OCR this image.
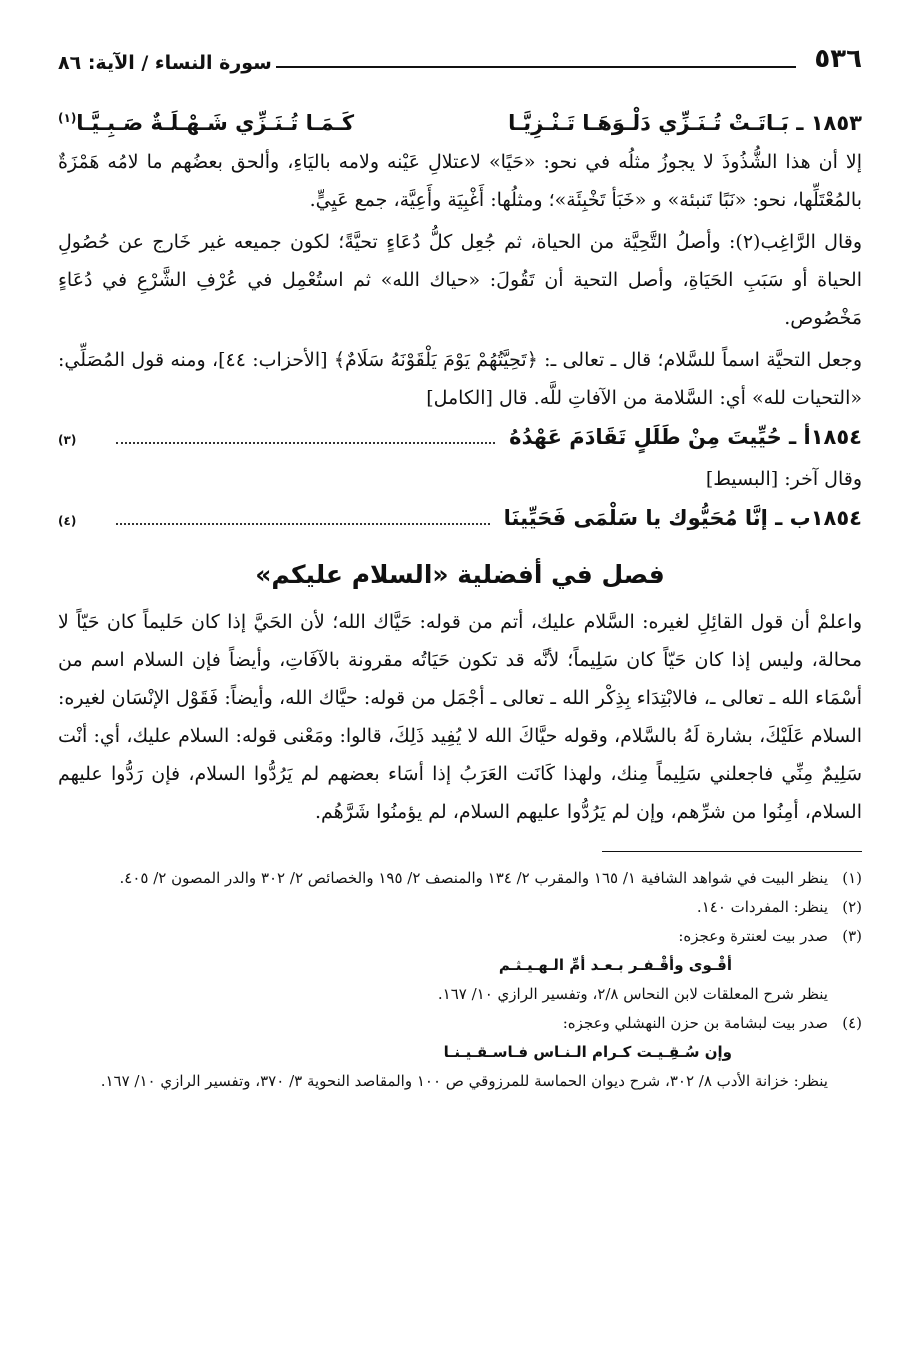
٥٣٦
سورة النساء / الآية: ٨٦
١٨٥٣ ـ بَـاتَـتْ تُـنَـزِّي دَلْـوَهَـا تَـنْـزِيَّـا
كَـمَـا تُـنَـزِّي شَـهْـلَـةٌ صَـبِـيَّـا$^{(١)}$

إلا أن هذا الشُّذُوذَ لا يجوزُ مثلُه في نحو: «حَيًا» لاعتلالِ عَيْنه ولامه باليَاءِ، وألحق بعضُهم ما لامُه هَمْزَةٌ بالمُعْتَلِّها، نحو: «نَبًا تَنبئة» و «خَبَأ تَخْبِئَة»؛ ومثلُها: أَغْبِيَة وأَعِيَّة، جمع عَيِيٍّ.

وقال الرَّاغِب(٢): وأصلُ التَّحِيَّة من الحياة، ثم جُعِل كلُّ دُعَاءٍ تحيَّةً؛ لكون جميعه غير خَارج عن حُصُولِ الحياة أو سَبَبِ الحَيَاةِ، وأصل التحية أن تَقُولَ: «حياك الله» ثم استُعْمِل في عُرْفِ الشَّرْعِ في دُعَاءٍ مَخْصُوص.

وجعل التحيَّة اسماً للسَّلام؛ قال ـ تعالى ـ: ﴿تَحِيَّتُهُمْ يَوْمَ يَلْقَوْنَهُ سَلَامٌ﴾ [الأحزاب: ٤٤]، ومنه قول المُصَلِّي: «التحيات لله» أي: السَّلامة من الآفاتِ للَّه. قال [الكامل]

١٨٥٤أ ـ حُيِّيتَ مِنْ طَلَلٍ تَقَادَمَ عَهْدُهُ
(٣)

وقال آخر: [البسيط]

١٨٥٤ب ـ إنَّا مُحَيُّوك يا سَلْمَى فَحَيِّينَا
(٤)
فصل في أفضلية «السلام عليكم»

واعلمْ أن قول القائِلِ لغيره: السَّلام عليك، أتم من قوله: حَيَّاك الله؛ لأن الحَيَّ إذا كان حَليماً كان حَيّاً لا محالة، وليس إذا كان حَيّاً كان سَلِيماً؛ لأنَّه قد تكون حَيَاتُه مقرونة بالآفَاتِ، وأيضاً فإن السلام اسم من أسْمَاء الله ـ تعالى ـ، فالابْتِدَاء بِذِكْر الله ـ تعالى ـ أجْمَل من قوله: حيَّاك الله، وأيضاً: فَقَوْل الإنْسَان لغيره: السلام عَلَيْكَ، بشارة لَهُ بالسَّلام، وقوله حيَّاكَ الله لا يُفِيد ذَلِكَ، قالوا: ومَعْنى قوله: السلام عليك، أي: أنْت سَلِيمٌ مِنِّي فاجعلني سَلِيماً مِنك، ولهذا كَانَت العَرَبُ إذا أسَاء بعضهم لم يَرُدُّوا السلام، فإن رَدُّوا عليهم السلام، أمِنُوا من شرِّهم، وإن لم يَرُدُّوا عليهم السلام، لم يؤمنُوا شَرَّهُم.

(١)
ينظر البيت في شواهد الشافية ١/ ١٦٥ والمقرب ٢/ ١٣٤ والمنصف ٢/ ١٩٥ والخصائص ٢/ ٣٠٢ والدر المصون ٢/ ٤٠٥.
(٢)
ينظر: المفردات ١٤٠.
(٣)
صدر بيت لعنترة وعجزه:
أقْـوى وأقْـفـر بـعـد أمِّ الـهـيـثـم
ينظر شرح المعلقات لابن النحاس ٢/٨، وتفسير الرازي ١٠/ ١٦٧.
(٤)
صدر بيت لبشامة بن حزن النهشلي وعجزه:
وإن سُـقِـيـت كـرام الـنـاس فـاسـقـيـنـا
ينظر: خزانة الأدب ٨/ ٣٠٢، شرح ديوان الحماسة للمرزوقي ص ١٠٠ والمقاصد النحوية ٣/ ٣٧٠، وتفسير الرازي ١٠/ ١٦٧.
